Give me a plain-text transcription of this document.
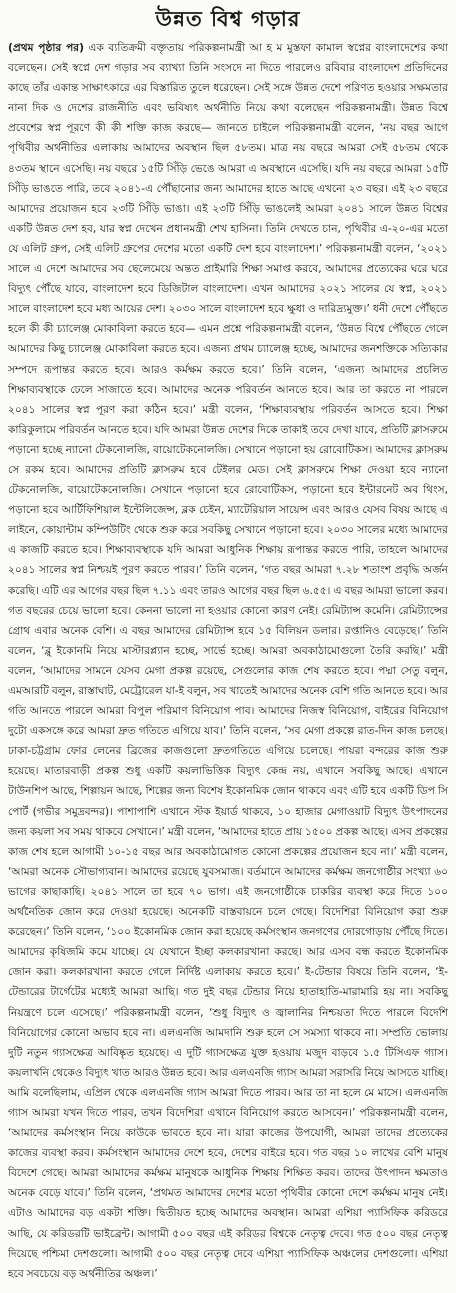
উন্নত বিশ্ব গড়ার

(প্রথম পৃষ্ঠার পর) এক ব্যতিক্রমী বক্তৃতায় পরিকল্পনামন্ত্রী আ হ ম মুস্তফা কামাল স্বপ্নের বাংলাদেশের কথা বলেছেন। সেই স্বপ্নে দেশ গড়ার সব ব্যাখ্যা তিনি সংসদে না দিতে পারলেও রবিবার বাংলাদেশ প্রতিদিনের কাছে তাঁর একান্ত সাক্ষাৎকারে এর বিস্তারিত তুলে ধরেছেন। সেই সঙ্গে উন্নত দেশে পরিণত হওয়ার সক্ষমতার নানা দিক ও দেশের রাজনীতি এবং ভবিষ্যৎ অর্থনীতি নিয়ে কথা বলেছেন পরিকল্পনামন্ত্রী। উন্নত বিশ্বে প্রবেশের স্বপ্ন পূরণে কী কী শক্তি কাজ করছে— জানতে চাইলে পরিকল্পনামন্ত্রী বলেন, ‘নয় বছর আগে পৃথিবীর অর্থনীতির এলাকায় আমাদের অবস্থান ছিল ৫৮তম। মাত্র নয় বছরে আমরা সেই ৫৮তম থেকে ৪৩তম স্থানে এসেছি। নয় বছরে ১৫টি সিঁড়ি ভেঙে আমরা এ অবস্থানে এসেছি। যদি নয় বছরে আমরা ১৫টি সিঁড়ি ভাঙতে পারি, তবে ২০৪১-এ পৌঁছানোর জন্য আমাদের হাতে আছে এখনো ২৩ বছর। এই ২৩ বছরে আমাদের প্রয়োজন হবে ২৩টি সিঁড়ি ভাঙা। এই ২৩টি সিঁড়ি ভাঙলেই আমরা ২০৪১ সালে উন্নত বিশ্বের একটি উন্নত দেশ হব, যার স্বপ্ন দেখেন প্রধানমন্ত্রী শেখ হাসিনা। তিনি দেখতে চান, পৃথিবীর এ-২০-এর মতো যে এলিট গ্রুপ, সেই এলিট গ্রুপের দেশের মতো একটি দেশ হবে বাংলাদেশ।’ পরিকল্পনামন্ত্রী বলেন, ‘২০২১ সালে এ দেশে আমাদের সব ছেলেমেয়ে অন্তত প্রাইমারি শিক্ষা সমাপ্ত করবে, আমাদের প্রত্যেকের ঘরে ঘরে বিদ্যুৎ পৌঁছে যাবে, বাংলাদেশ হবে ডিজিটাল বাংলাদেশ। এখন আমাদের ২০২১ সালের যে স্বপ্ন, ২০২১ সালে বাংলাদেশ হবে মধ্য আয়ের দেশ। ২০৩০ সালে বাংলাদেশ হবে ক্ষুধা ও দারিদ্র্যমুক্ত।’ ধনী দেশে পৌঁছতে হলে কী কী চ্যালেঞ্জ মোকাবিলা করতে হবে— এমন প্রশ্নে পরিকল্পনামন্ত্রী বলেন, ‘উন্নত বিশ্বে পৌঁছতে গেলে আমাদের কিছু চ্যালেঞ্জ মোকাবিলা করতে হবে। এজন্য প্রথম চ্যালেঞ্জ হচ্ছে, আমাদের জনশক্তিকে সত্যিকার সম্পদে রূপান্তর করতে হবে। আরও কর্মক্ষম করতে হবে।’ তিনি বলেন, ‘এজন্য আমাদের প্রচলিত শিক্ষাব্যবস্থাকে ঢেলে সাজাতে হবে। আমাদের অনেক পরিবর্তন আনতে হবে। আর তা করতে না পারলে ২০৪১ সালের স্বপ্ন পূরণ করা কঠিন হবে।’ মন্ত্রী বলেন, ‘শিক্ষাব্যবস্থায় পরিবর্তন আসতে হবে। শিক্ষা কারিকুলামে পরিবর্তন আনতে হবে। যদি আমরা উন্নত দেশের দিকে তাকাই তবে দেখা যাবে, প্রতিটি ক্লাসরুমে পড়ানো হচ্ছে ন্যানো টেকনোলজি, বায়োটেকনোলজি। সেখানে পড়ানো হয় রোবোটিকস। আমাদের ক্লাসরুম সে রকম হবে। আমাদের প্রতিটি ক্লাসরুম হবে টেইলর মেড। সেই ক্লাসরুমে শিক্ষা দেওয়া হবে ন্যানো টেকনোলজি, বায়োটেকনোলজি। সেখানে পড়ানো হবে রোবোটিকস, পড়ানো হবে ইন্টারনেট অব থিংস, পড়ানো হবে আর্টিফিশিয়াল ইন্টেলিজেন্স, ব্লক চেইন, ম্যাটেরিয়াল সায়েন্স এবং আরও যেসব বিষয় আছে এ লাইনে, কোয়ান্টাম কম্পিউটিং থেকে শুরু করে সবকিছু সেখানে পড়ানো হবে। ২০৩০ সালের মধ্যে আমাদের এ কাজটি করতে হবে। শিক্ষাব্যবস্থাকে যদি আমরা আধুনিক শিক্ষায় রূপান্তর করতে পারি, তাহলে আমাদের ২০৪১ সালের স্বপ্ন নিশ্চয়ই পূরণ করতে পারব।’ তিনি বলেন, ‘গত বছর আমরা ৭.২৮ শতাংশ প্রবৃদ্ধি অর্জন করেছি। এটি এর আগের বছর ছিল ৭.১১ এবং তারও আগের বছর ছিল ৬.৫৫। এ বছর আমরা ভালো করব। গত বছরের চেয়ে ভালো হবে। কেননা ভালো না হওয়ার কোনো কারণ নেই। রেমিট্যান্স কমেনি। রেমিট্যান্সের গ্রোথ এবার অনেক বেশি। এ বছর আমাদের রেমিট্যান্স হবে ১৫ বিলিয়ন ডলার। রপ্তানিও বেড়েছে।’ তিনি বলেন, ‘ব্লু ইকোনমি নিয়ে মাস্টারপ্ল্যান হচ্ছে, সার্ভে হচ্ছে। আমরা অবকাঠামোগুলো তৈরি করছি।’ মন্ত্রী বলেন, ‘আমাদের সামনে যেসব মেগা প্রকল্প রয়েছে, সেগুলোর কাজ শেষ করতে হবে। পদ্মা সেতু বলুন, এমআরটি বলুন, রাস্তাঘাট, মেট্রোরেল যা-ই বলুন, সব খাতেই আমাদের অনেক বেশি গতি আনতে হবে। আর গতি আনতে পারলে আমরা বিপুল পরিমাণ বিনিয়োগ পাব। আমাদের নিজস্ব বিনিয়োগ, বাইরের বিনিয়োগ দুটো একসঙ্গে করে আমরা দ্রুত গতিতে এগিয়ে যাব।’ তিনি বলেন, ‘সব মেগা প্রকল্পে রাত-দিন কাজ চলছে। ঢাকা-চট্টগ্রাম ফোর লেনের ব্রিজের কাজগুলো দ্রুতগতিতে এগিয়ে চলেছে। পায়রা বন্দরের কাজ শুরু হয়েছে। মাতারবাড়ী প্রকল্প শুধু একটি কয়লাভিত্তিক বিদ্যুৎ কেন্দ্র নয়, এখানে সবকিছু আছে। এখানে টাউনশিপ আছে, শিল্পায়ন আছে, শিল্পের জন্য বিশেষ ইকোনমিক জোন থাকবে এবং এটি হবে একটি ডিপ সি পোর্ট (গভীর সমুদ্রবন্দর)। পাশাপাশি এখানে স্টক ইয়ার্ড থাকবে, ১০ হাজার মেগাওয়াট বিদ্যুৎ উৎপাদনের জন্য কয়লা সব সময় থাকবে সেখানে।’ মন্ত্রী বলেন, ‘আমাদের হাতে প্রায় ১৫০০ প্রকল্প আছে। এসব প্রকল্পের কাজ শেষ হলে আগামী ১০-১৫ বছর আর অবকাঠামোগত কোনো প্রকল্পের প্রয়োজন হবে না।’ মন্ত্রী বলেন, ‘আমরা অনেক সৌভাগ্যবান। আমাদের রয়েছে যুবসমাজ। বর্তমানে আমাদের কর্মক্ষম জনগোষ্ঠীর সংখ্যা ৬০ ভাগের কাছাকাছি। ২০৪১ সালে তা হবে ৭০ ভাগ। এই জনগোষ্ঠীকে চাকরির ব্যবস্থা করে দিতে ১০০ অর্থনৈতিক জোন করে দেওয়া হয়েছে। অনেকটি বাস্তবায়নে চলে গেছে। বিদেশিরা বিনিয়োগ করা শুরু করেছেন।’ তিনি বলেন, ‘১০০ ইকোনমিক জোন করা হয়েছে কর্মসংস্থান জনগণের দোরগোড়ায় পৌঁছে দিতে। আমাদের কৃষিজমি কমে যাচ্ছে। যে যেখানে ইচ্ছা কলকারখানা করছে। আর এসব বন্ধ করতে ইকোনমিক জোন করা। কলকারখানা করতে গেলে নির্দিষ্ট এলাকায় করতে হবে।’ ই-টেন্ডার বিষয়ে তিনি বলেন, ‘ই-টেন্ডারের টার্গেটের মধ্যেই আমরা আছি। গত দুই বছর টেন্ডার নিয়ে হাতাহাতি-মারামারি হয় না। সবকিছু নিয়ন্ত্রণে চলে এসেছে।’ পরিকল্পনামন্ত্রী বলেন, ‘শুধু বিদ্যুৎ ও জ্বালানির নিশ্চয়তা দিতে পারলে বিদেশি বিনিয়োগের কোনো অভাব হবে না। এলএনজি আমদানি শুরু হলে সে সমস্যা থাকবে না। সম্প্রতি ভোলায় দুটি নতুন গ্যাসক্ষেত্র আবিষ্কৃত হয়েছে। এ দুটি গ্যাসক্ষেত্র যুক্ত হওয়ায় মজুদ বাড়বে ১.৫ টিসিএফ গ্যাস। কয়লাখনি থেকেও বিদ্যুৎ খাত আরও উন্নত হবে। আর এলএনজি গ্যাস আমরা সরাসরি নিয়ে আসতে যাচ্ছি। আমি বলেছিলাম, এপ্রিল থেকে এলএনজি গ্যাস আমরা দিতে পারব। আর তা না হলে মে মাসে। এলএনজি গ্যাস আমরা যখন দিতে পারব, তখন বিদেশিরা এখানে বিনিয়োগ করতে আসবেন।’ পরিকল্পনামন্ত্রী বলেন, ‘আমাদের কর্মসংস্থান নিয়ে কাউকে ভাবতে হবে না। যারা কাজের উপযোগী, আমরা তাদের প্রত্যেকের কাজের ব্যবস্থা করব। কর্মসংস্থান আমাদের দেশে হবে, দেশের বাইরে হবে। গত বছর ১০ লাখের বেশি মানুষ বিদেশে গেছে। আমরা আমাদের কর্মক্ষম মানুষকে আধুনিক শিক্ষায় শিক্ষিত করব। তাদের উৎপাদন ক্ষমতাও অনেক বেড়ে যাবে।’ তিনি বলেন, ‘প্রথমত আমাদের দেশের মতো পৃথিবীর কোনো দেশে কর্মক্ষম মানুষ নেই। এটাও আমাদের বড় একটা শক্তি। দ্বিতীয়ত হচ্ছে আমাদের অবস্থান। আমরা এশিয়া প্যাসিফিক করিডরে আছি, যে করিডরটি ভাইব্রেন্ট। আগামী ৫০০ বছর এই করিডর বিশ্বকে নেতৃত্ব দেবে। গত ৫০০ বছর নেতৃত্ব দিয়েছে পশ্চিমা দেশগুলো। আগামী ৫০০ বছর নেতৃত্ব দেবে এশিয়া প্যাসিফিক অঞ্চলের দেশগুলো। এশিয়া হবে সবচেয়ে বড় অর্থনীতির অঞ্চল।’
